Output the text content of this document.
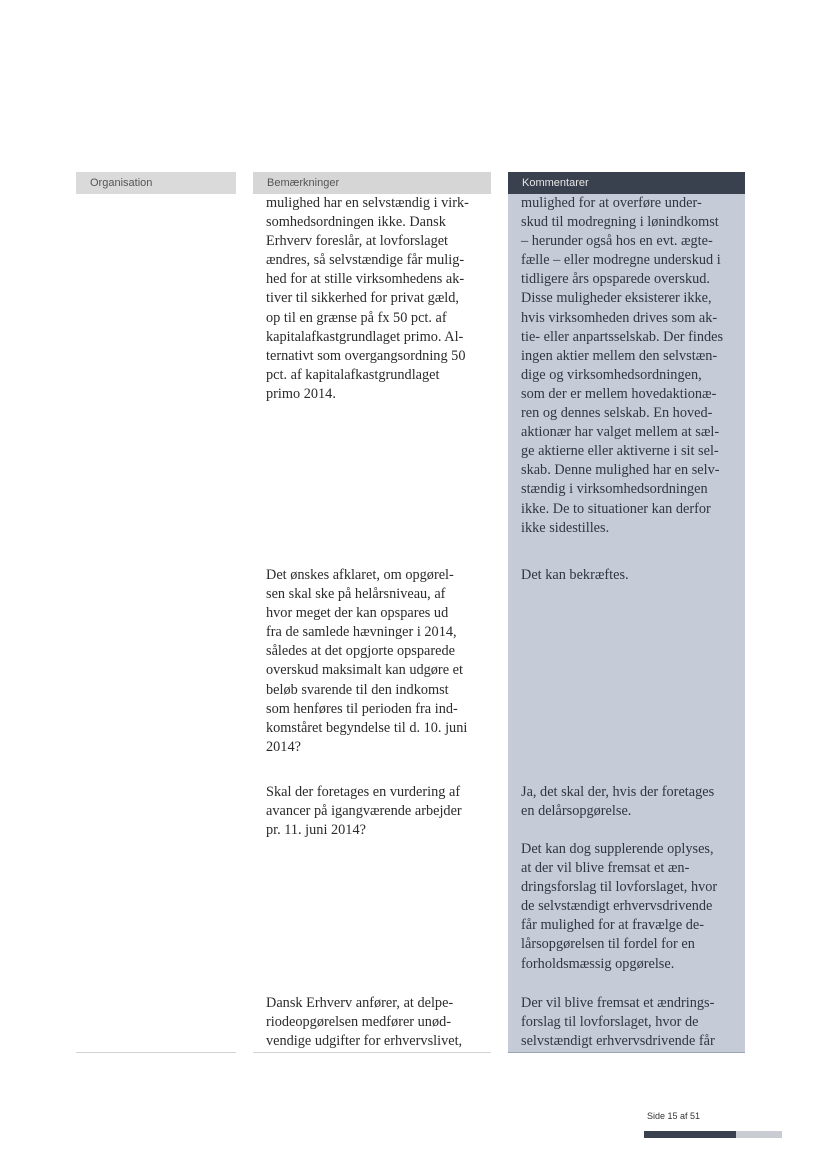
Organisation	Bemærkninger	Kommentarer

mulighed har en selvstændig i virk-
somhedsordningen ikke. Dansk
Erhverv foreslår, at lovforslaget
ændres, så selvstændige får mulig-
hed for at stille virksomhedens ak-
tiver til sikkerhed for privat gæld,
op til en grænse på fx 50 pct. af
kapitalafkastgrundlaget primo. Al-
ternativt som overgangsordning 50
pct. af kapitalafkastgrundlaget
primo 2014.

Det ønskes afklaret, om opgørel-
sen skal ske på helårsniveau, af
hvor meget der kan opspares ud
fra de samlede hævninger i 2014,
således at det opgjorte opsparede
overskud maksimalt kan udgøre et
beløb svarende til den indkomst
som henføres til perioden fra ind-
komståret begyndelse til d. 10. juni
2014?

Skal der foretages en vurdering af
avancer på igangværende arbejder
pr. 11. juni 2014?

Dansk Erhverv anfører, at delpe-
riodeopgørelsen medfører unød-
vendige udgifter for erhvervslivet,

mulighed for at overføre under-
skud til modregning i lønindkomst
– herunder også hos en evt. ægte-
fælle – eller modregne underskud i
tidligere års opsparede overskud.
Disse muligheder eksisterer ikke,
hvis virksomheden drives som ak-
tie- eller anpartsselskab. Der findes
ingen aktier mellem den selvstæn-
dige og virksomhedsordningen,
som der er mellem hovedaktionæ-
ren og dennes selskab. En hoved-
aktionær har valget mellem at sæl-
ge aktierne eller aktiverne i sit sel-
skab. Denne mulighed har en selv-
stændig i virksomhedsordningen
ikke. De to situationer kan derfor
ikke sidestilles.

Det kan bekræftes.

Ja, det skal der, hvis der foretages
en delårsopgørelse.

Det kan dog supplerende oplyses,
at der vil blive fremsat et æn-
dringsforslag til lovforslaget, hvor
de selvstændigt erhvervsdrivende
får mulighed for at fravælge de-
lårsopgørelsen til fordel for en
forholdsmæssig opgørelse.

Der vil blive fremsat et ændrings-
forslag til lovforslaget, hvor de
selvstændigt erhvervsdrivende får

Side 15 af 51
